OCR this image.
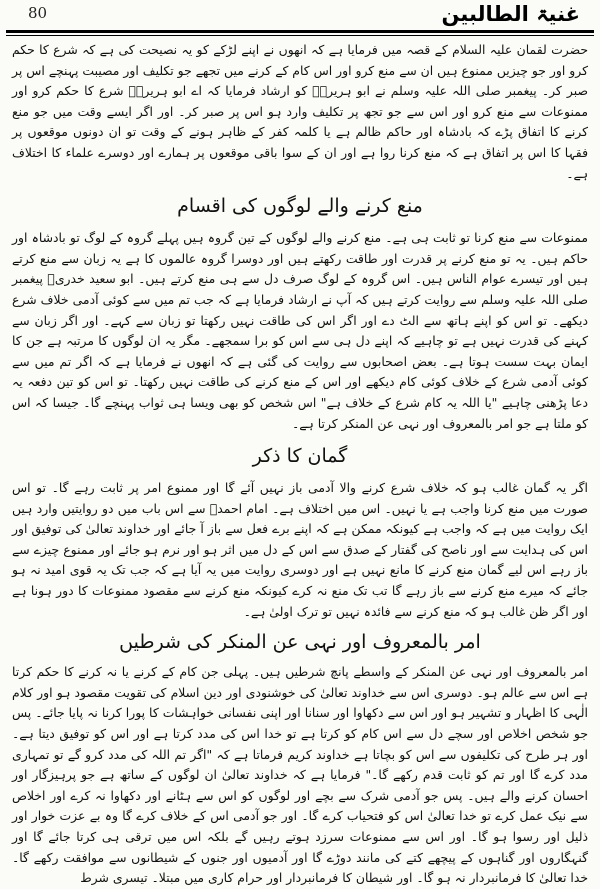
80	غنیۃ الطالبین

حضرت لقمان علیہ السلام کے قصہ میں فرمایا ہے کہ انھوں نے اپنے لڑکے کو یہ نصیحت کی ہے کہ شرع کا حکم کرو اور جو چیزیں ممنوع ہیں ان سے منع کرو اور اس کام کے کرنے میں تجھے جو تکلیف اور مصیبت پہنچے اس پر صبر کر۔ پیغمبر صلی اللہ علیہ وسلم نے ابو ہریرہؓ کو ارشاد فرمایا کہ اے ابو ہریرہؓ شرع کا حکم کرو اور ممنوعات سے منع کرو اور اس سے جو تجھ پر تکلیف وارد ہو اس پر صبر کر۔ اور اگر ایسے وقت میں جو منع کرنے کا اتفاق پڑے کہ بادشاہ اور حاکم ظالم ہے یا کلمہ کفر کے ظاہر ہونے کے وقت تو ان دونوں موقعوں پر فقہا کا اس پر اتفاق ہے کہ منع کرنا روا ہے اور ان کے سوا باقی موقعوں پر ہمارے اور دوسرے علماء کا اختلاف ہے۔

منع کرنے والے لوگوں کی اقسام

ممنوعات سے منع کرنا تو ثابت ہی ہے۔ منع کرنے والے لوگوں کے تین گروہ ہیں پہلے گروہ کے لوگ تو بادشاہ اور حاکم ہیں۔ یہ تو منع کرنے پر قدرت اور طاقت رکھتے ہیں اور دوسرا گروہ عالموں کا ہے یہ زبان سے منع کرتے ہیں اور تیسرے عوام الناس ہیں۔ اس گروہ کے لوگ صرف دل سے ہی منع کرتے ہیں۔ ابو سعید خدریؓ پیغمبر صلی اللہ علیہ وسلم سے روایت کرتے ہیں کہ آپ نے ارشاد فرمایا ہے کہ جب تم میں سے کوئی آدمی خلاف شرع دیکھے۔ تو اس کو اپنے ہاتھ سے الٹ دے اور اگر اس کی طاقت نہیں رکھتا تو زبان سے کہے۔ اور اگر زبان سے کہنے کی قدرت نہیں ہے تو چاہیے کہ اپنے دل ہی سے اس کو برا سمجھے۔ مگر یہ ان لوگوں کا مرتبہ ہے جن کا ایمان بہت سست ہوتا ہے۔ بعض اصحابوں سے روایت کی گئی ہے کہ انھوں نے فرمایا ہے کہ اگر تم میں سے کوئی آدمی شرع کے خلاف کوئی کام دیکھے اور اس کے منع کرنے کی طاقت نہیں رکھتا۔ تو اس کو تین دفعہ یہ دعا پڑھنی چاہیے "یا اللہ یہ کام شرع کے خلاف ہے" اس شخص کو بھی ویسا ہی ثواب پہنچے گا۔ جیسا کہ اس کو ملتا ہے جو امر بالمعروف اور نہی عن المنکر کرتا ہے۔

گمان کا ذکر

اگر یہ گمان غالب ہو کہ خلاف شرع کرنے والا آدمی باز نہیں آئے گا اور ممنوع امر پر ثابت رہے گا۔ تو اس صورت میں منع کرنا واجب ہے یا نہیں۔ اس میں اختلاف ہے۔ امام احمدؒ سے اس باب میں دو روایتیں وارد ہیں ایک روایت میں ہے کہ واجب ہے کیونکہ ممکن ہے کہ اپنے برے فعل سے باز آ جائے اور خداوند تعالیٰ کی توفیق اور اس کی ہدایت سے اور ناصح کی گفتار کے صدق سے اس کے دل میں اثر ہو اور نرم ہو جائے اور ممنوع چیزے سے باز رہے اس لیے گمان منع کرنے کا مانع نہیں ہے اور دوسری روایت میں یہ آیا ہے کہ جب تک یہ قوی امید نہ ہو جائے کہ میرے منع کرنے سے باز رہے گا تب تک منع نہ کرے کیونکہ منع کرنے سے مقصود ممنوعات کا دور ہونا ہے اور اگر ظن غالب ہو کہ منع کرنے سے فائدہ نہیں تو ترک اولیٰ ہے۔

امر بالمعروف اور نہی عن المنکر کی شرطیں

امر بالمعروف اور نہی عن المنکر کے واسطے پانچ شرطیں ہیں۔ پہلی جن کام کے کرنے یا نہ کرنے کا حکم کرتا ہے اس سے عالم ہو۔ دوسری اس سے خداوند تعالیٰ کی خوشنودی اور دین اسلام کی تقویت مقصود ہو اور کلام الٰہی کا اظہار و تشہیر ہو اور اس سے دکھاوا اور سنانا اور اپنی نفسانی خواہشات کا پورا کرنا نہ پایا جائے۔ پس جو شخص اخلاص اور سچے دل سے اس کام کو کرتا ہے تو خدا اس کی مدد کرتا ہے اور اس کو توفیق دیتا ہے۔ اور ہر طرح کی تکلیفوں سے اس کو بچاتا ہے خداوند کریم فرماتا ہے کہ "اگر تم اللہ کی مدد کرو گے تو تمہاری مدد کرے گا اور تم کو ثابت قدم رکھے گا۔" فرمایا ہے کہ خداوند تعالیٰ ان لوگوں کے ساتھ ہے جو پرہیزگار اور احسان کرنے والے ہیں۔ پس جو آدمی شرک سے بچے اور لوگوں کو اس سے ہٹانے اور دکھاوا نہ کرے اور اخلاص سے نیک عمل کرے تو خدا تعالیٰ اس کو فتحیاب کرے گا۔ اور جو آدمی اس کے خلاف کرے گا وہ بے عزت خوار اور ذلیل اور رسوا ہو گا۔ اور اس سے ممنوعات سرزد ہوتے رہیں گے بلکہ اس میں ترقی ہی کرتا جائے گا اور گنہگاروں اور گناہوں کے پیچھے کتے کی مانند دوڑے گا اور آدمیوں اور جنوں کے شیطانوں سے موافقت رکھے گا۔ خدا تعالیٰ کا فرمانبردار نہ ہو گا۔ اور شیطان کا فرمانبردار اور حرام کاری میں مبتلا۔ تیسری شرط
